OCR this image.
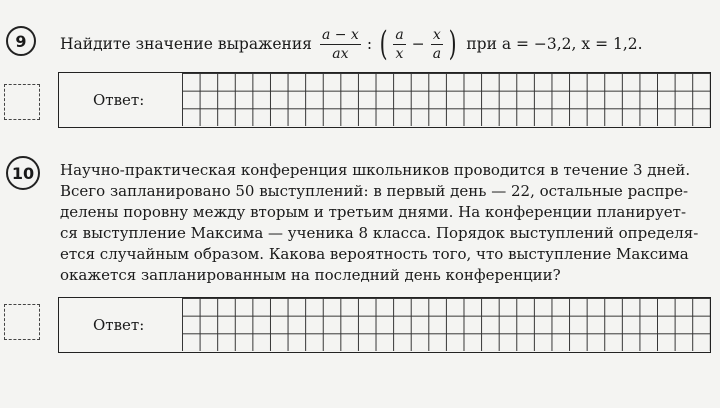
9 Найдите значение выражения $\frac{a - x}{ax}$ : ( $\frac{a}{x} - \frac{x}{a}$ ) при a = −3,2, x = 1,2.
Ответ:
10 Научно-практическая конференция школьников проводится в течение 3 дней.
Всего запланировано 50 выступлений: в первый день — 22, остальные распре-
делены поровну между вторым и третьим днями. На конференции планирует-
ся выступление Максима — ученика 8 класса. Порядок выступлений определя-
ется случайным образом. Какова вероятность того, что выступление Максима
окажется запланированным на последний день конференции?
Ответ:
